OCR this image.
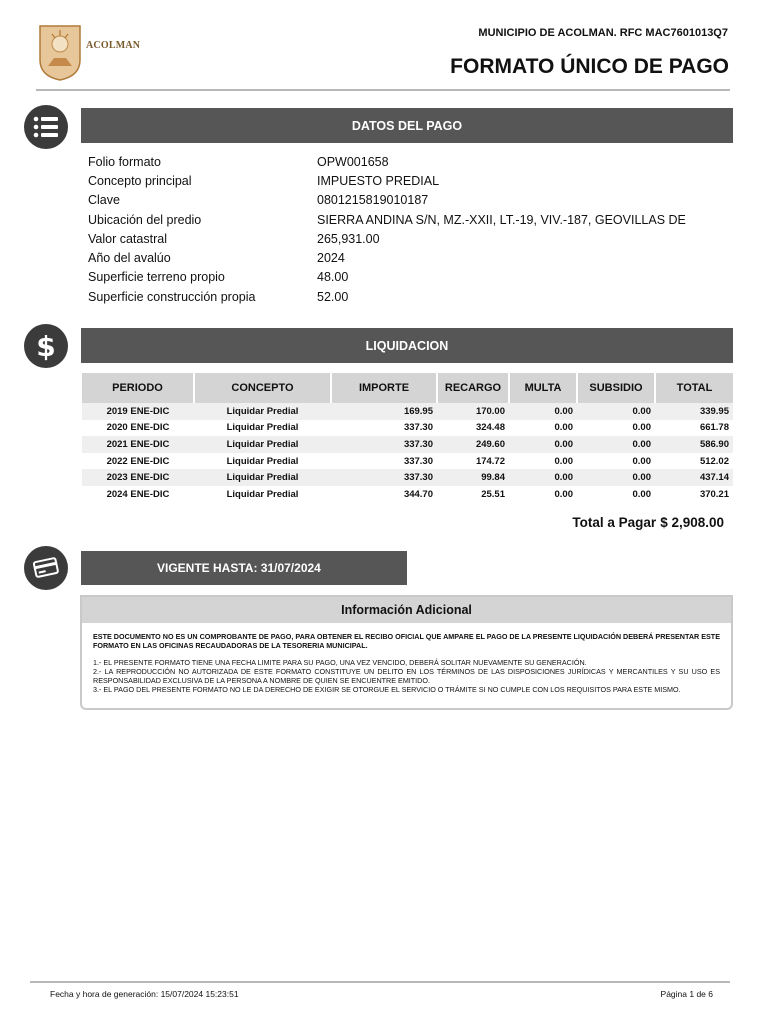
ACOLMAN
MUNICIPIO DE ACOLMAN. RFC MAC7601013Q7
FORMATO ÚNICO DE PAGO
DATOS DEL PAGO
Folio formato	OPW001658
Concepto principal	IMPUESTO PREDIAL
Clave	0801215819010187
Ubicación del predio	SIERRA ANDINA S/N, MZ.-XXII, LT.-19, VIV.-187, GEOVILLAS DE
Valor catastral	265,931.00
Año del avalúo	2024
Superficie terreno propio	48.00
Superficie construcción propia	52.00
$	LIQUIDACION
PERIODO	CONCEPTO	IMPORTE	RECARGO	MULTA	SUBSIDIO	TOTAL
2019 ENE-DIC	Liquidar Predial	169.95	170.00	0.00	0.00	339.95
2020 ENE-DIC	Liquidar Predial	337.30	324.48	0.00	0.00	661.78
2021 ENE-DIC	Liquidar Predial	337.30	249.60	0.00	0.00	586.90
2022 ENE-DIC	Liquidar Predial	337.30	174.72	0.00	0.00	512.02
2023 ENE-DIC	Liquidar Predial	337.30	99.84	0.00	0.00	437.14
2024 ENE-DIC	Liquidar Predial	344.70	25.51	0.00	0.00	370.21
Total a Pagar $ 2,908.00
VIGENTE HASTA: 31/07/2024
Información Adicional
ESTE DOCUMENTO NO ES UN COMPROBANTE DE PAGO, PARA OBTENER EL RECIBO OFICIAL QUE AMPARE EL PAGO DE LA PRESENTE LIQUIDACIÓN DEBERÁ PRESENTAR ESTE FORMATO EN LAS OFICINAS RECAUDADORAS DE LA TESORERIA MUNICIPAL.
1.- EL PRESENTE FORMATO TIENE UNA FECHA LIMITE PARA SU PAGO, UNA VEZ VENCIDO, DEBERÁ SOLITAR NUEVAMENTE SU GENERACIÓN.
2.- LA REPRODUCCIÓN NO AUTORIZADA DE ESTE FORMATO CONSTITUYE UN DELITO EN LOS TÉRMINOS DE LAS DISPOSICIONES JURÍDICAS Y MERCANTILES Y SU USO ES RESPONSABILIDAD EXCLUSIVA DE LA PERSONA A NOMBRE DE QUIEN SE ENCUENTRE EMITIDO.
3.- EL PAGO DEL PRESENTE FORMATO NO LE DA DERECHO DE EXIGIR SE OTORGUE EL SERVICIO O TRÁMITE SI NO CUMPLE CON LOS REQUISITOS PARA ESTE MISMO.
Fecha y hora de generación: 15/07/2024 15:23:51	Página 1 de 6
